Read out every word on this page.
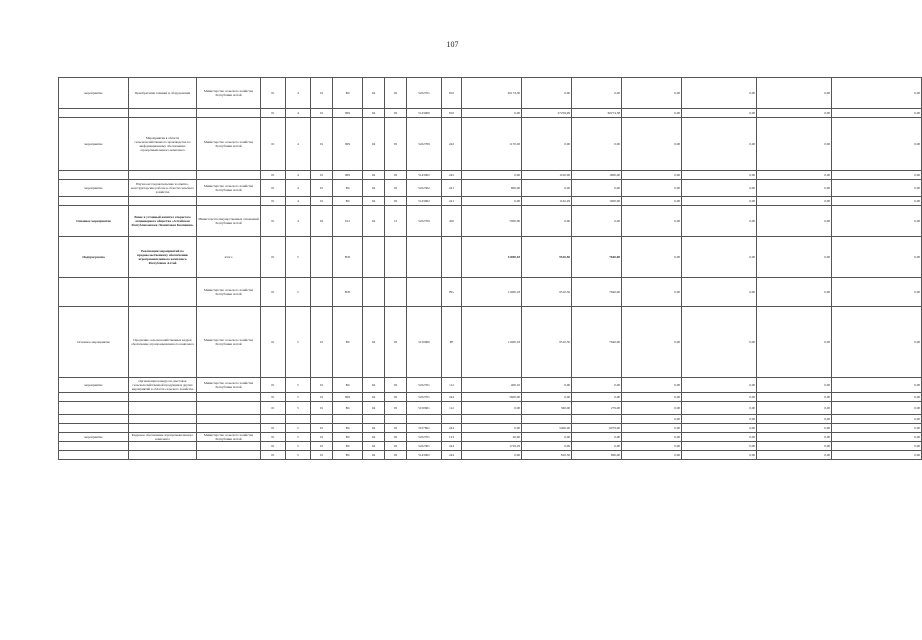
107
мероприятие	Приобретение техники и оборудования	Министерство сельского хозяйства Республики Алтай	01	4	01	Bd	04	05	5222701	810	26174,30	0,00	0,00	0,00	0,00	0,00	0,00
			01	4	01	909	04	05	5143000	810	0,00	27259,99	60274,38	0,00	0,00	0,00	0,00
мероприятие	Мероприятия в области сельскохозяйственного производства по информационному обеспечению агропромышленного комплекса	Министерство сельского хозяйства Республики Алтай	01	4	01	909	04	05	5222709	242	1170,00	0,00	0,00	0,00	0,00	0,00	0,00
			01	4	01	909	04	05	5143002	242	0,00	1100,00	1900,00	0,00	0,00	0,00	0,00
мероприятие	Научно-исследовательские и опытно-конструкторские работы в области сельского хозяйства	Министерство сельского хозяйства Республики Алтай	01	4	01	Bd	04	05	5222302	241	800,00	0,00	0,00	0,00	0,00	0,00	0,00
			01	4	01	Bd	04	05	5143002	241	0,00	1162,29	1000,00	0,00	0,00	0,00	0,00
Основное мероприятие	Взнос в уставный капитал открытого акционерного общества «Алтайская Республиканская Лизинговая Компания»	Министерство имущественных отношений Республики Алтай	01	4	02	912	04	12	5222709	450	7000,00	0,00	0,00	0,00	0,00	0,00	0,00
Подпрограмма	Реализация мероприятий по продовольственному обеспечению агропромышленного комплекса Республики Алтай	итого	01	5		Bd5					11000,18	9510,50	7640,00	0,00	0,00	0,00	0,00
		Министерство сельского хозяйства Республики Алтай	01	5		Bd5				BG	11000,18	9510,50	7640,00	0,00	0,00	0,00	0,00
Основное мероприятие	Продление сельскохозяйственных кадров обеспечение агропромышленного комплекса	Министерство сельского хозяйства Республики Алтай	01	5	01	Bd	04	05	5150600	PE	11000,18	9510,50	7640,00	0,00	0,00	0,00	0,00
мероприятие	Организация конкурсов, выставок сельскохозяйственной продукции и других мероприятий в области сельского хозяйства	Министерство сельского хозяйства Республики Алтай	01	5	01	Bd	04	05	5222701	112	400,10	0,00	0,00	0,00	0,00	0,00	0,00
			01	5	01	909	04	05	5222701	244	5600,00	0,00	0,00	0,00	0,00	0,00	0,00
			01	5	01	Bd	04	05	5150601	112	0,00	360,00	279,00	0,00	0,00	0,00	0,00
														0,00	0,00	0,00	0,00
			01	5	01	Bd	04	05	5157601	244	0,00	5400,00	6079,00	0,00	0,00	0,00	0,00
мероприятие	Кадровое обеспечение агропромышленного комплекса	Министерство сельского хозяйства Республики Алтай	01	5	01	Bd	04	05	5222701	123	20,00	0,00	0,00	0,00	0,00	0,00	0,00
			01	5	01	Bd	04	05	5222301	244	1729,29	0,00	0,00	0,00	0,00	0,00	0,00
			01	5	01	Bd	04	05	5143002	244	0,00	810,50	900,00	0,00	0,00	0,00	0,00
